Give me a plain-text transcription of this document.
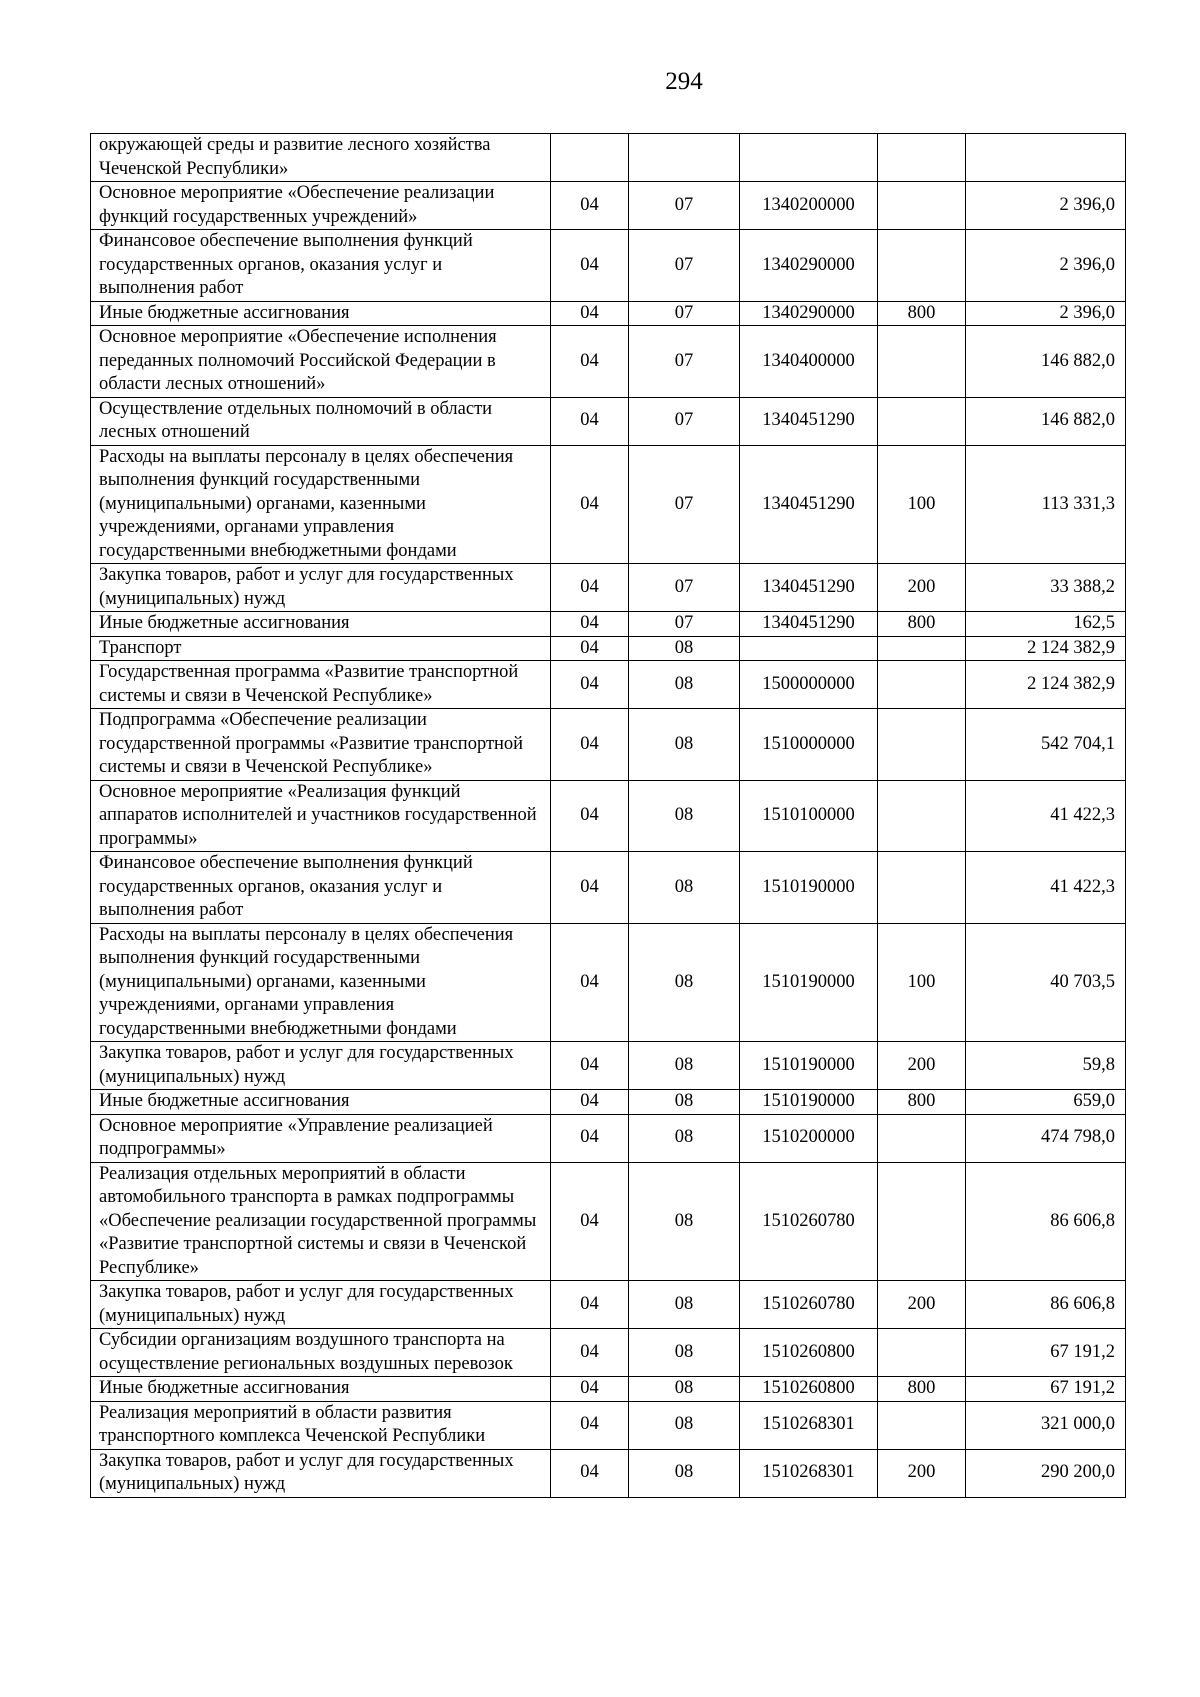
294
окружающей среды и развитие лесного хозяйства Чеченской Республики»					
Основное мероприятие «Обеспечение реализации функций государственных учреждений»	04	07	1340200000		2 396,0
Финансовое обеспечение выполнения функций государственных органов, оказания услуг и выполнения работ	04	07	1340290000		2 396,0
Иные бюджетные ассигнования	04	07	1340290000	800	2 396,0
Основное мероприятие «Обеспечение исполнения переданных полномочий Российской Федерации в области лесных отношений»	04	07	1340400000		146 882,0
Осуществление отдельных полномочий в области лесных отношений	04	07	1340451290		146 882,0
Расходы на выплаты персоналу в целях обеспечения выполнения функций государственными (муниципальными) органами, казенными учреждениями, органами управления государственными внебюджетными фондами	04	07	1340451290	100	113 331,3
Закупка товаров, работ и услуг для государственных (муниципальных) нужд	04	07	1340451290	200	33 388,2
Иные бюджетные ассигнования	04	07	1340451290	800	162,5
Транспорт	04	08			2 124 382,9
Государственная программа «Развитие транспортной системы и связи в Чеченской Республике»	04	08	1500000000		2 124 382,9
Подпрограмма «Обеспечение реализации государственной программы «Развитие транспортной системы и связи в Чеченской Республике»	04	08	1510000000		542 704,1
Основное мероприятие «Реализация функций аппаратов исполнителей и участников государственной программы»	04	08	1510100000		41 422,3
Финансовое обеспечение выполнения функций государственных органов, оказания услуг и выполнения работ	04	08	1510190000		41 422,3
Расходы на выплаты персоналу в целях обеспечения выполнения функций государственными (муниципальными) органами, казенными учреждениями, органами управления государственными внебюджетными фондами	04	08	1510190000	100	40 703,5
Закупка товаров, работ и услуг для государственных (муниципальных) нужд	04	08	1510190000	200	59,8
Иные бюджетные ассигнования	04	08	1510190000	800	659,0
Основное мероприятие «Управление реализацией подпрограммы»	04	08	1510200000		474 798,0
Реализация отдельных мероприятий в области автомобильного транспорта в рамках подпрограммы «Обеспечение реализации государственной программы «Развитие транспортной системы и связи в Чеченской Республике»	04	08	1510260780		86 606,8
Закупка товаров, работ и услуг для государственных (муниципальных) нужд	04	08	1510260780	200	86 606,8
Субсидии организациям воздушного транспорта на осуществление региональных воздушных перевозок	04	08	1510260800		67 191,2
Иные бюджетные ассигнования	04	08	1510260800	800	67 191,2
Реализация мероприятий в области развития транспортного комплекса Чеченской Республики	04	08	1510268301		321 000,0
Закупка товаров, работ и услуг для государственных (муниципальных) нужд	04	08	1510268301	200	290 200,0
